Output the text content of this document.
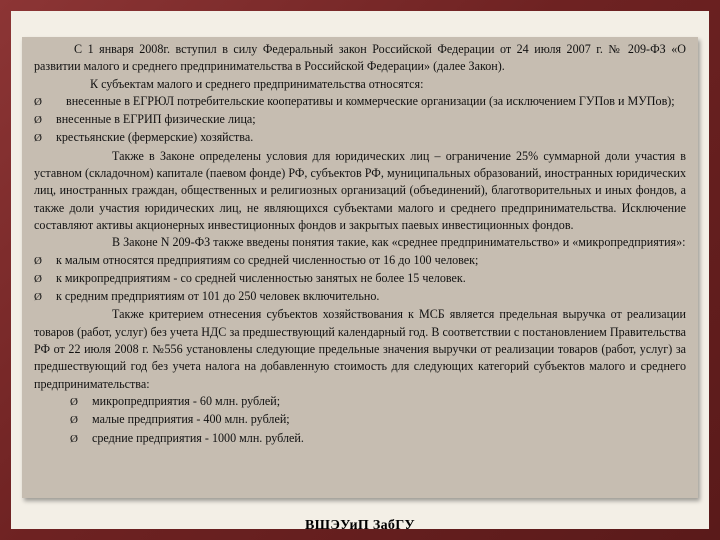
С 1 января 2008г. вступил в силу Федеральный закон Российской Федерации от 24 июля 2007 г. № 209-ФЗ «О развитии малого и среднего предпринимательства в Российской Федерации» (далее Закон).

К субъектам малого и среднего предпринимательства относятся:

Ø	внесенные в ЕГРЮЛ потребительские кооперативы и коммерческие организации (за исключением ГУПов и МУПов);
Ø	внесенные в ЕГРИП физические лица;
Ø	крестьянские (фермерские) хозяйства.

Также в Законе определены условия для юридических лиц – ограничение 25% суммарной доли участия в уставном (складочном) капитале (паевом фонде) РФ, субъектов РФ, муниципальных образований, иностранных юридических лиц, иностранных граждан, общественных и религиозных организаций (объединений), благотворительных и иных фондов, а также доли участия юридических лиц, не являющихся субъектами малого и среднего предпринимательства. Исключение составляют активы акционерных инвестиционных фондов и закрытых паевых инвестиционных фондов.

В Законе N 209-ФЗ также введены понятия такие, как «среднее предпринимательство» и «микропредприятия»:

Ø	к малым относятся предприятиям со средней численностью от 16 до 100 человек;
Ø	к микропредприятиям - со средней численностью занятых не более 15 человек.
Ø	к средним предприятиям от 101 до 250 человек включительно.

Также критерием отнесения субъектов хозяйствования к МСБ является предельная выручка от реализации товаров (работ, услуг) без учета НДС за предшествующий календарный год. В соответствии с постановлением Правительства РФ от 22 июля 2008 г. №556 установлены следующие предельные значения выручки от реализации товаров (работ, услуг) за предшествующий год без учета налога на добавленную стоимость для следующих категорий субъектов малого и среднего предпринимательства:

Ø	микропредприятия - 60 млн. рублей;
Ø	малые предприятия - 400 млн. рублей;
Ø	средние предприятия - 1000 млн. рублей.
ВШЭУиП ЗабГУ
